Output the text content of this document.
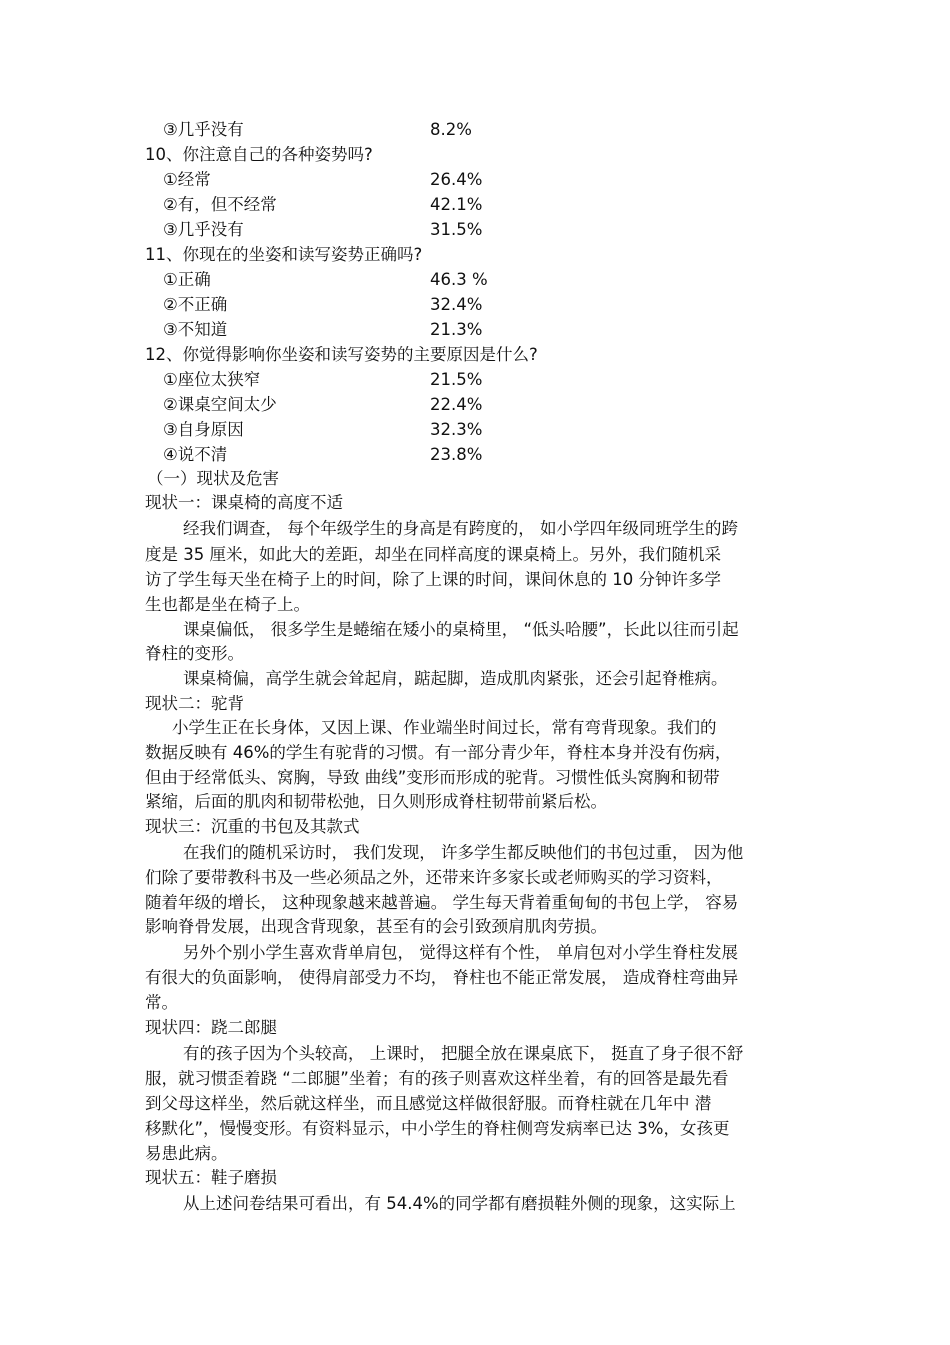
③几乎没有	8.2%
10、你注意自己的各种姿势吗?
①经常	26.4%
②有，但不经常	42.1%
③几乎没有	31.5%
11、你现在的坐姿和读写姿势正确吗?
①正确	46.3 %
②不正确	32.4%
③不知道	21.3%
12、你觉得影响你坐姿和读写姿势的主要原因是什么?
①座位太狭窄	21.5%
②课桌空间太少	22.4%
③自身原因	32.3%
④说不清	23.8%
（一）现状及危害
现状一：课桌椅的高度不适
经我们调查， 每个年级学生的身高是有跨度的， 如小学四年级同班学生的跨
度是 35 厘米，如此大的差距，却坐在同样高度的课桌椅上。另外，我们随机采
访了学生每天坐在椅子上的时间，除了上课的时间，课间休息的 10 分钟许多学
生也都是坐在椅子上。
课桌偏低， 很多学生是蜷缩在矮小的桌椅里， “低头哈腰”，长此以往而引起
脊柱的变形。
课桌椅偏，高学生就会耸起肩，踮起脚，造成肌肉紧张，还会引起脊椎病。
现状二：驼背
小学生正在长身体，又因上课、作业端坐时间过长，常有弯背现象。我们的
数据反映有 46%的学生有驼背的习惯。有一部分青少年，脊柱本身并没有伤病，
但由于经常低头、窝胸，导致 曲线”变形而形成的驼背。习惯性低头窝胸和韧带
紧缩，后面的肌肉和韧带松弛，日久则形成脊柱韧带前紧后松。
现状三：沉重的书包及其款式
在我们的随机采访时， 我们发现， 许多学生都反映他们的书包过重， 因为他
们除了要带教科书及一些必须品之外，还带来许多家长或老师购买的学习资料，
随着年级的增长， 这种现象越来越普遍。 学生每天背着重甸甸的书包上学， 容易
影响脊骨发展，出现含背现象，甚至有的会引致颈肩肌肉劳损。
另外个别小学生喜欢背单肩包， 觉得这样有个性， 单肩包对小学生脊柱发展
有很大的负面影响， 使得肩部受力不均， 脊柱也不能正常发展， 造成脊柱弯曲异
常。
现状四：跷二郎腿
有的孩子因为个头较高， 上课时， 把腿全放在课桌底下， 挺直了身子很不舒
服，就习惯歪着跷 “二郎腿”坐着；有的孩子则喜欢这样坐着，有的回答是最先看
到父母这样坐，然后就这样坐，而且感觉这样做很舒服。而脊柱就在几年中 潜
移默化”，慢慢变形。有资料显示，中小学生的脊柱侧弯发病率已达 3%，女孩更
易患此病。
现状五：鞋子磨损
从上述问卷结果可看出，有 54.4%的同学都有磨损鞋外侧的现象，这实际上
